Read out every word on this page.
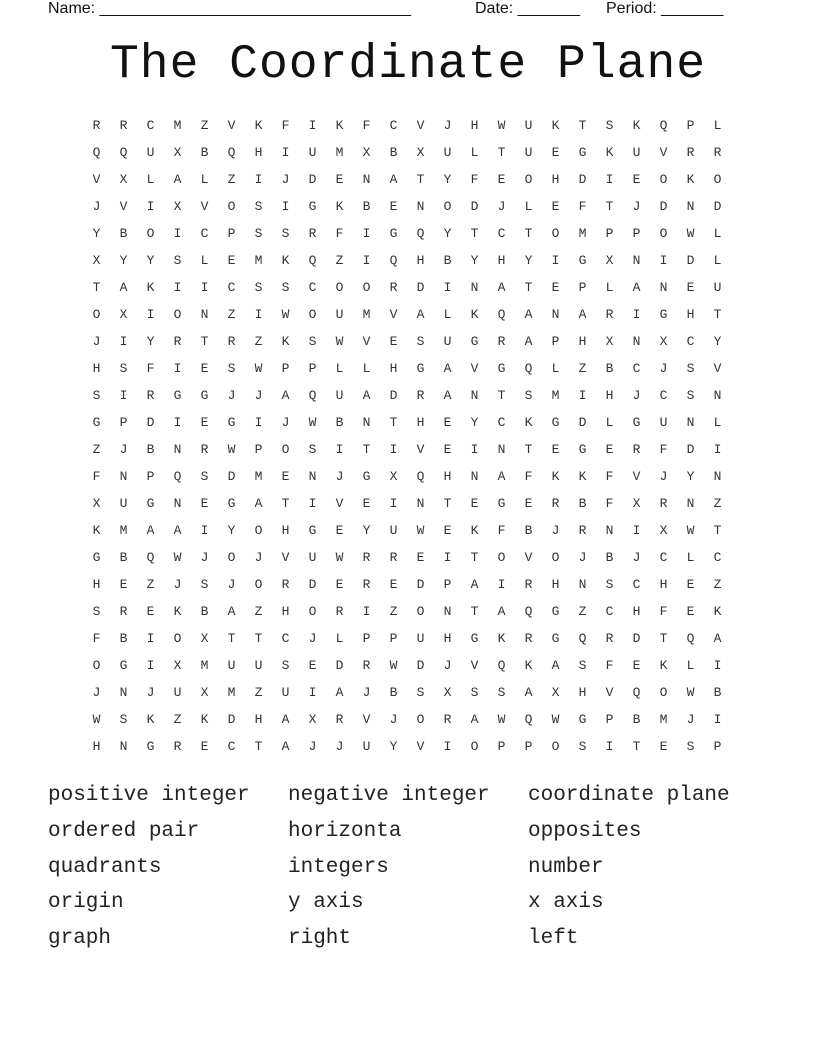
Name: ___________________________________	Date: _______ Period: _______
The Coordinate Plane
R	R	C	M	Z	V	K	F	I	K	F	C	V	J	H	W	U	K	T	S	K	Q	P	L
Q	Q	U	X	B	Q	H	I	U	M	X	B	X	U	L	T	U	E	G	K	U	V	R	R
V	X	L	A	L	Z	I	J	D	E	N	A	T	Y	F	E	O	H	D	I	E	O	K	O
J	V	I	X	V	O	S	I	G	K	B	E	N	O	D	J	L	E	F	T	J	D	N	D
Y	B	O	I	C	P	S	S	R	F	I	G	Q	Y	T	C	T	O	M	P	P	O	W	L
X	Y	Y	S	L	E	M	K	Q	Z	I	Q	H	B	Y	H	Y	I	G	X	N	I	D	L
T	A	K	I	I	C	S	S	C	O	O	R	D	I	N	A	T	E	P	L	A	N	E	U
O	X	I	O	N	Z	I	W	O	U	M	V	A	L	K	Q	A	N	A	R	I	G	H	T
J	I	Y	R	T	R	Z	K	S	W	V	E	S	U	G	R	A	P	H	X	N	X	C	Y
H	S	F	I	E	S	W	P	P	L	L	H	G	A	V	G	Q	L	Z	B	C	J	S	V
S	I	R	G	G	J	J	A	Q	U	A	D	R	A	N	T	S	M	I	H	J	C	S	N
G	P	D	I	E	G	I	J	W	B	N	T	H	E	Y	C	K	G	D	L	G	U	N	L
Z	J	B	N	R	W	P	O	S	I	T	I	V	E	I	N	T	E	G	E	R	F	D	I
F	N	P	Q	S	D	M	E	N	J	G	X	Q	H	N	A	F	K	K	F	V	J	Y	N
X	U	G	N	E	G	A	T	I	V	E	I	N	T	E	G	E	R	B	F	X	R	N	Z
K	M	A	A	I	Y	O	H	G	E	Y	U	W	E	K	F	B	J	R	N	I	X	W	T
G	B	Q	W	J	O	J	V	U	W	R	R	E	I	T	O	V	O	J	B	J	C	L	C
H	E	Z	J	S	J	O	R	D	E	R	E	D	P	A	I	R	H	N	S	C	H	E	Z
S	R	E	K	B	A	Z	H	O	R	I	Z	O	N	T	A	Q	G	Z	C	H	F	E	K
F	B	I	O	X	T	T	C	J	L	P	P	U	H	G	K	R	G	Q	R	D	T	Q	A
O	G	I	X	M	U	U	S	E	D	R	W	D	J	V	Q	K	A	S	F	E	K	L	I
J	N	J	U	X	M	Z	U	I	A	J	B	S	X	S	S	A	X	H	V	Q	O	W	B
W	S	K	Z	K	D	H	A	X	R	V	J	O	R	A	W	Q	W	G	P	B	M	J	I
H	N	G	R	E	C	T	A	J	J	U	Y	V	I	O	P	P	O	S	I	T	E	S	P
positive integer	negative integer	coordinate plane
ordered pair	horizonta	opposites
quadrants	integers	number
origin	y axis	x axis
graph	right	left
